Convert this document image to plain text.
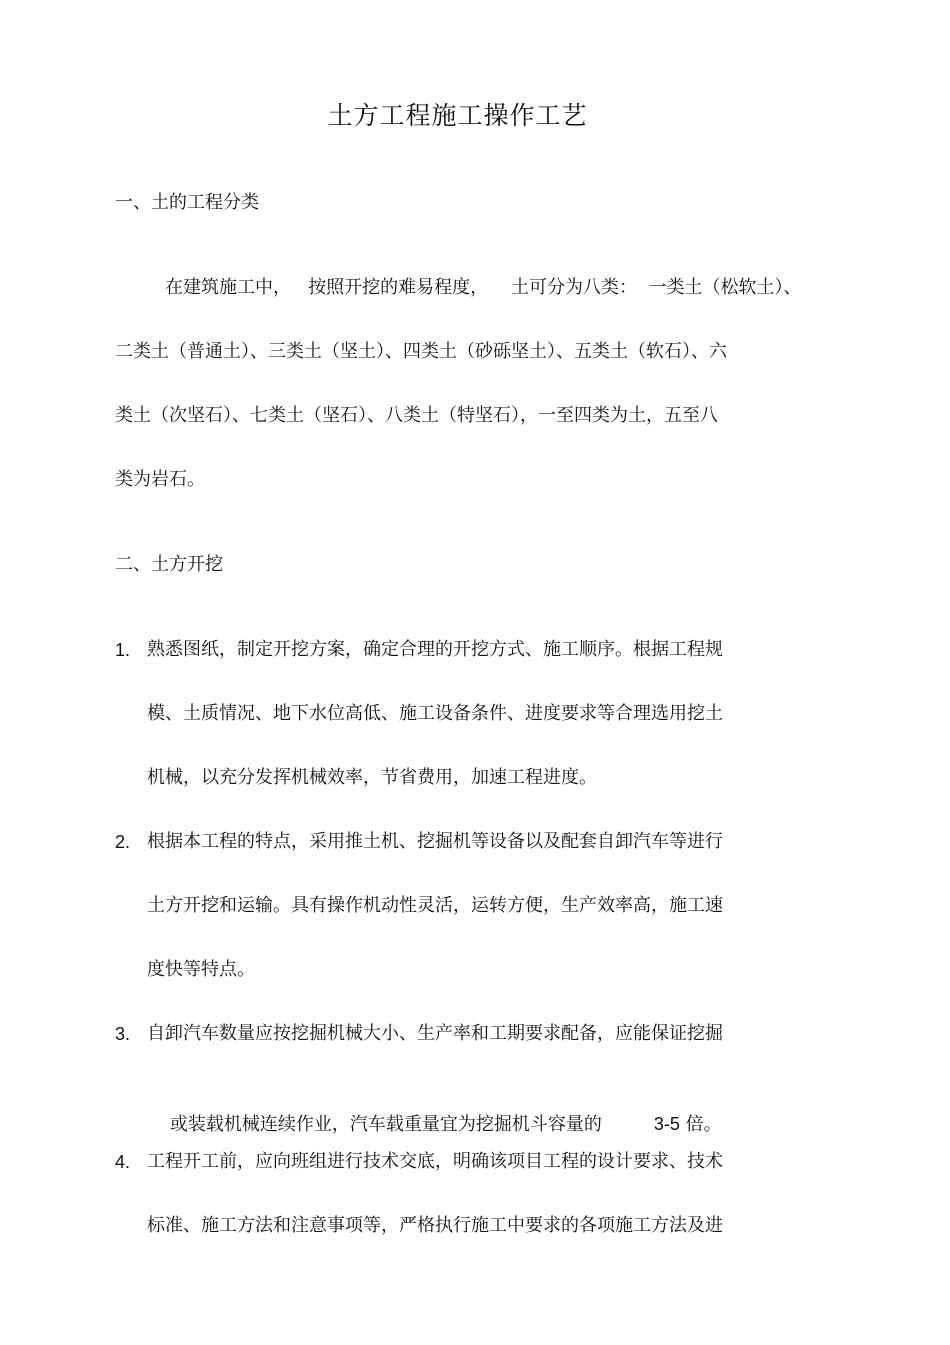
土方工程施工操作工艺
一、土的工程分类
在建筑施工中，   按照开挖的难易程度，    土可分为八类：  一类土（松软土）、
二类土（普通土）、三类土（坚土）、四类土（砂砾坚土）、五类土（软石）、六
类土（次坚石）、七类土（坚石）、八类土（特坚石），一至四类为土，五至八
类为岩石。
二、土方开挖
1. 熟悉图纸，制定开挖方案，确定合理的开挖方式、施工顺序。根据工程规
模、土质情况、地下水位高低、施工设备条件、进度要求等合理选用挖土
机械，以充分发挥机械效率，节省费用，加速工程进度。
2. 根据本工程的特点，采用推土机、挖掘机等设备以及配套自卸汽车等进行
土方开挖和运输。具有操作机动性灵活，运转方便，生产效率高，施工速
度快等特点。
3. 自卸汽车数量应按挖掘机械大小、生产率和工期要求配备，应能保证挖掘

或装载机械连续作业，汽车载重量宜为挖掘机斗容量的	3-5 倍。

4. 工程开工前，应向班组进行技术交底，明确该项目工程的设计要求、技术
标准、施工方法和注意事项等，严格执行施工中要求的各项施工方法及进
